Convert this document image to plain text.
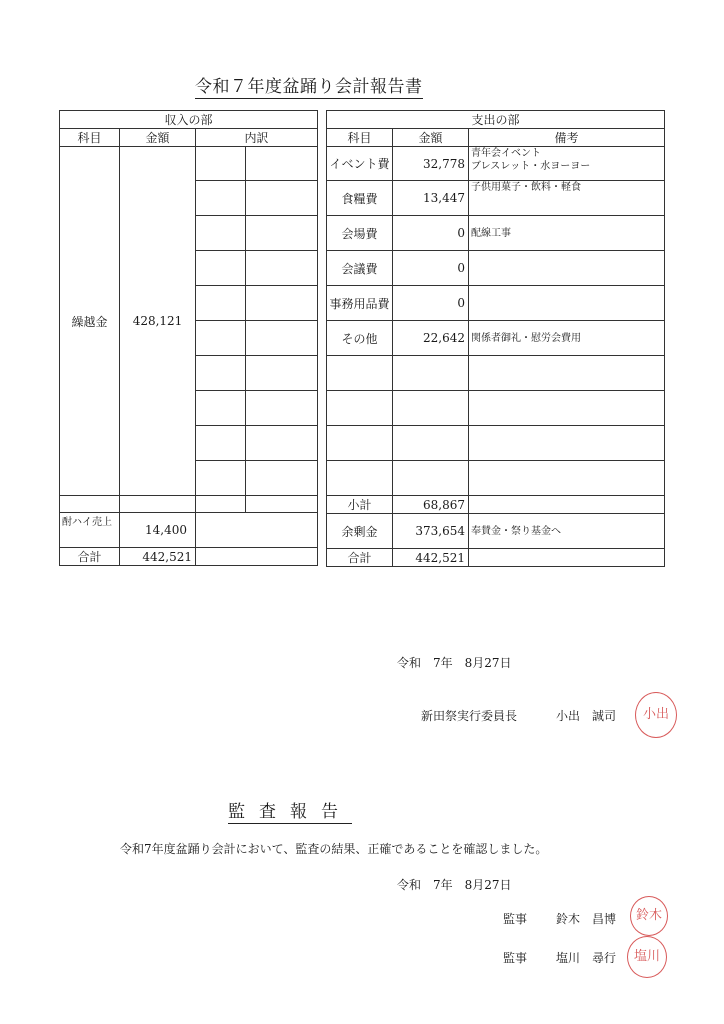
令和７年度盆踊り会計報告書
収入の部			
科目	金額	内訳	
繰越金	428,121		

酎ハイ売上	14,400		
合計	442,521		
支出の部		
科目	金額	備考
イベント費	32,778	青年会イベント
ブレスレット・水ヨーヨー

食糧費	13,447	子供用菓子・飲料・軽食
会場費	0	配線工事
会議費	0	
事務用品費	0	
その他	22,642	関係者御礼・慰労会費用

小計	68,867	
余剰金	373,654	奉賛金・祭り基金へ
合計	442,521	
令和　7年　8月27日
新田祭実行委員長	小出　誠司	小出
監査報告
令和7年度盆踊り会計において、監査の結果、正確であることを確認しました。
令和　7年　8月27日
監事 鈴木　昌博	鈴木
監事 塩川　尋行	塩川
